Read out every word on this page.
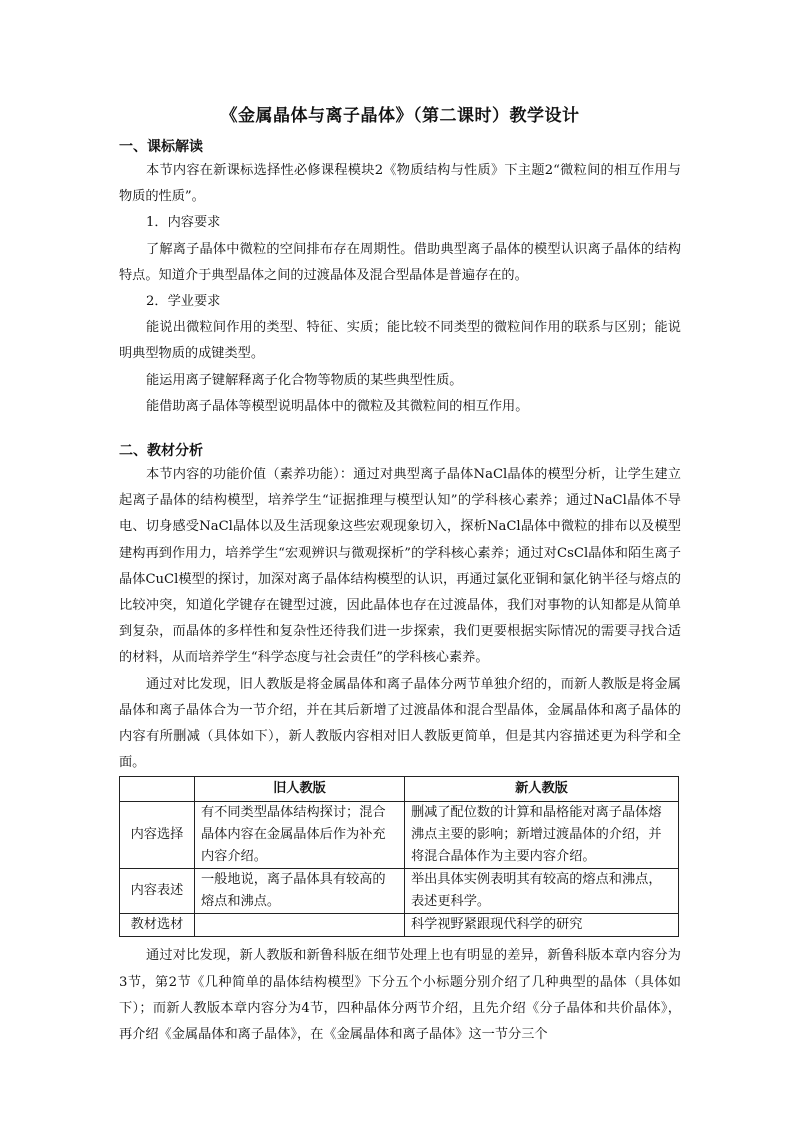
《金属晶体与离子晶体》（第二课时）教学设计

一、课标解读

本节内容在新课标选择性必修课程模块2《物质结构与性质》下主题2“微粒间的相互作用与物质的性质”。

1．内容要求

了解离子晶体中微粒的空间排布存在周期性。借助典型离子晶体的模型认识离子晶体的结构特点。知道介于典型晶体之间的过渡晶体及混合型晶体是普遍存在的。

2．学业要求

能说出微粒间作用的类型、特征、实质；能比较不同类型的微粒间作用的联系与区别；能说明典型物质的成键类型。

能运用离子键解释离子化合物等物质的某些典型性质。

能借助离子晶体等模型说明晶体中的微粒及其微粒间的相互作用。

二、教材分析

本节内容的功能价值（素养功能）：通过对典型离子晶体NaCl晶体的模型分析，让学生建立起离子晶体的结构模型，培养学生“证据推理与模型认知”的学科核心素养；通过NaCl晶体不导电、切身感受NaCl晶体以及生活现象这些宏观现象切入，探析NaCl晶体中微粒的排布以及模型建构再到作用力，培养学生“宏观辨识与微观探析”的学科核心素养；通过对CsCl晶体和陌生离子晶体CuCl模型的探讨，加深对离子晶体结构模型的认识，再通过氯化亚铜和氯化钠半径与熔点的比较冲突，知道化学键存在键型过渡，因此晶体也存在过渡晶体，我们对事物的认知都是从简单到复杂，而晶体的多样性和复杂性还待我们进一步探索，我们更要根据实际情况的需要寻找合适的材料，从而培养学生“科学态度与社会责任”的学科核心素养。

通过对比发现，旧人教版是将金属晶体和离子晶体分两节单独介绍的，而新人教版是将金属晶体和离子晶体合为一节介绍，并在其后新增了过渡晶体和混合型晶体，金属晶体和离子晶体的内容有所删减（具体如下），新人教版内容相对旧人教版更简单，但是其内容描述更为科学和全面。

	旧人教版	新人教版
内容选择	有不同类型晶体结构探讨；混合晶体内容在金属晶体后作为补充内容介绍。	删减了配位数的计算和晶格能对离子晶体熔沸点主要的影响；新增过渡晶体的介绍，并将混合晶体作为主要内容介绍。
内容表述	一般地说，离子晶体具有较高的熔点和沸点。	举出具体实例表明其有较高的熔点和沸点，表述更科学。
教材选材		科学视野紧跟现代科学的研究

通过对比发现，新人教版和新鲁科版在细节处理上也有明显的差异，新鲁科版本章内容分为3节，第2节《几种简单的晶体结构模型》下分五个小标题分别介绍了几种典型的晶体（具体如下）；而新人教版本章内容分为4节，四种晶体分两节介绍，且先介绍《分子晶体和共价晶体》，再介绍《金属晶体和离子晶体》，在《金属晶体和离子晶体》这一节分三个
